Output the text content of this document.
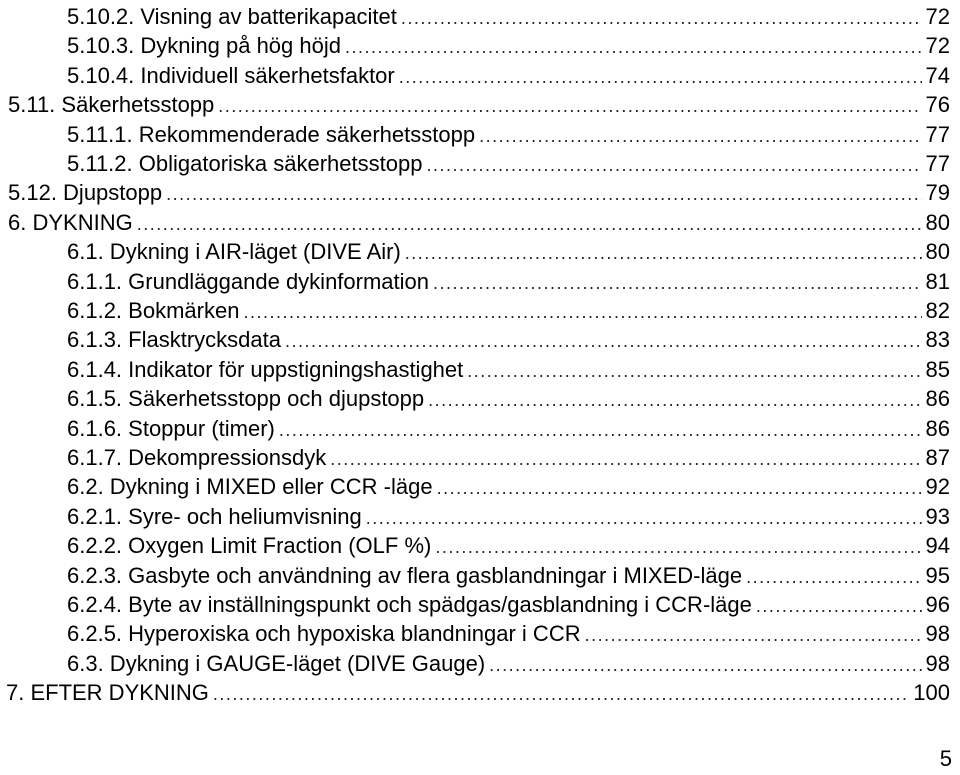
5.10.2. Visning av batterikapacitet .....	72
5.10.3. Dykning på hög höjd .....	72
5.10.4. Individuell säkerhetsfaktor .....	74
5.11. Säkerhetsstopp .....	76
5.11.1. Rekommenderade säkerhetsstopp .....	77
5.11.2. Obligatoriska säkerhetsstopp .....	77
5.12. Djupstopp .....	79
6. DYKNING .....	80
6.1. Dykning i AIR-läget (DIVE Air) .....	80
6.1.1. Grundläggande dykinformation .....	81
6.1.2. Bokmärken .....	82
6.1.3. Flasktrycksdata .....	83
6.1.4. Indikator för uppstigningshastighet .....	85
6.1.5. Säkerhetsstopp och djupstopp .....	86
6.1.6. Stoppur (timer) .....	86
6.1.7. Dekompressionsdyk .....	87
6.2. Dykning i MIXED eller CCR -läge .....	92
6.2.1. Syre- och heliumvisning .....	93
6.2.2. Oxygen Limit Fraction (OLF %) .....	94
6.2.3. Gasbyte och användning av flera gasblandningar i MIXED-läge .....	95
6.2.4. Byte av inställningspunkt och spädgas/gasblandning i CCR-läge .....	96
6.2.5. Hyperoxiska och hypoxiska blandningar i CCR .....	98
6.3. Dykning i GAUGE-läget (DIVE Gauge) .....	98
7. EFTER DYKNING .....	100
5
